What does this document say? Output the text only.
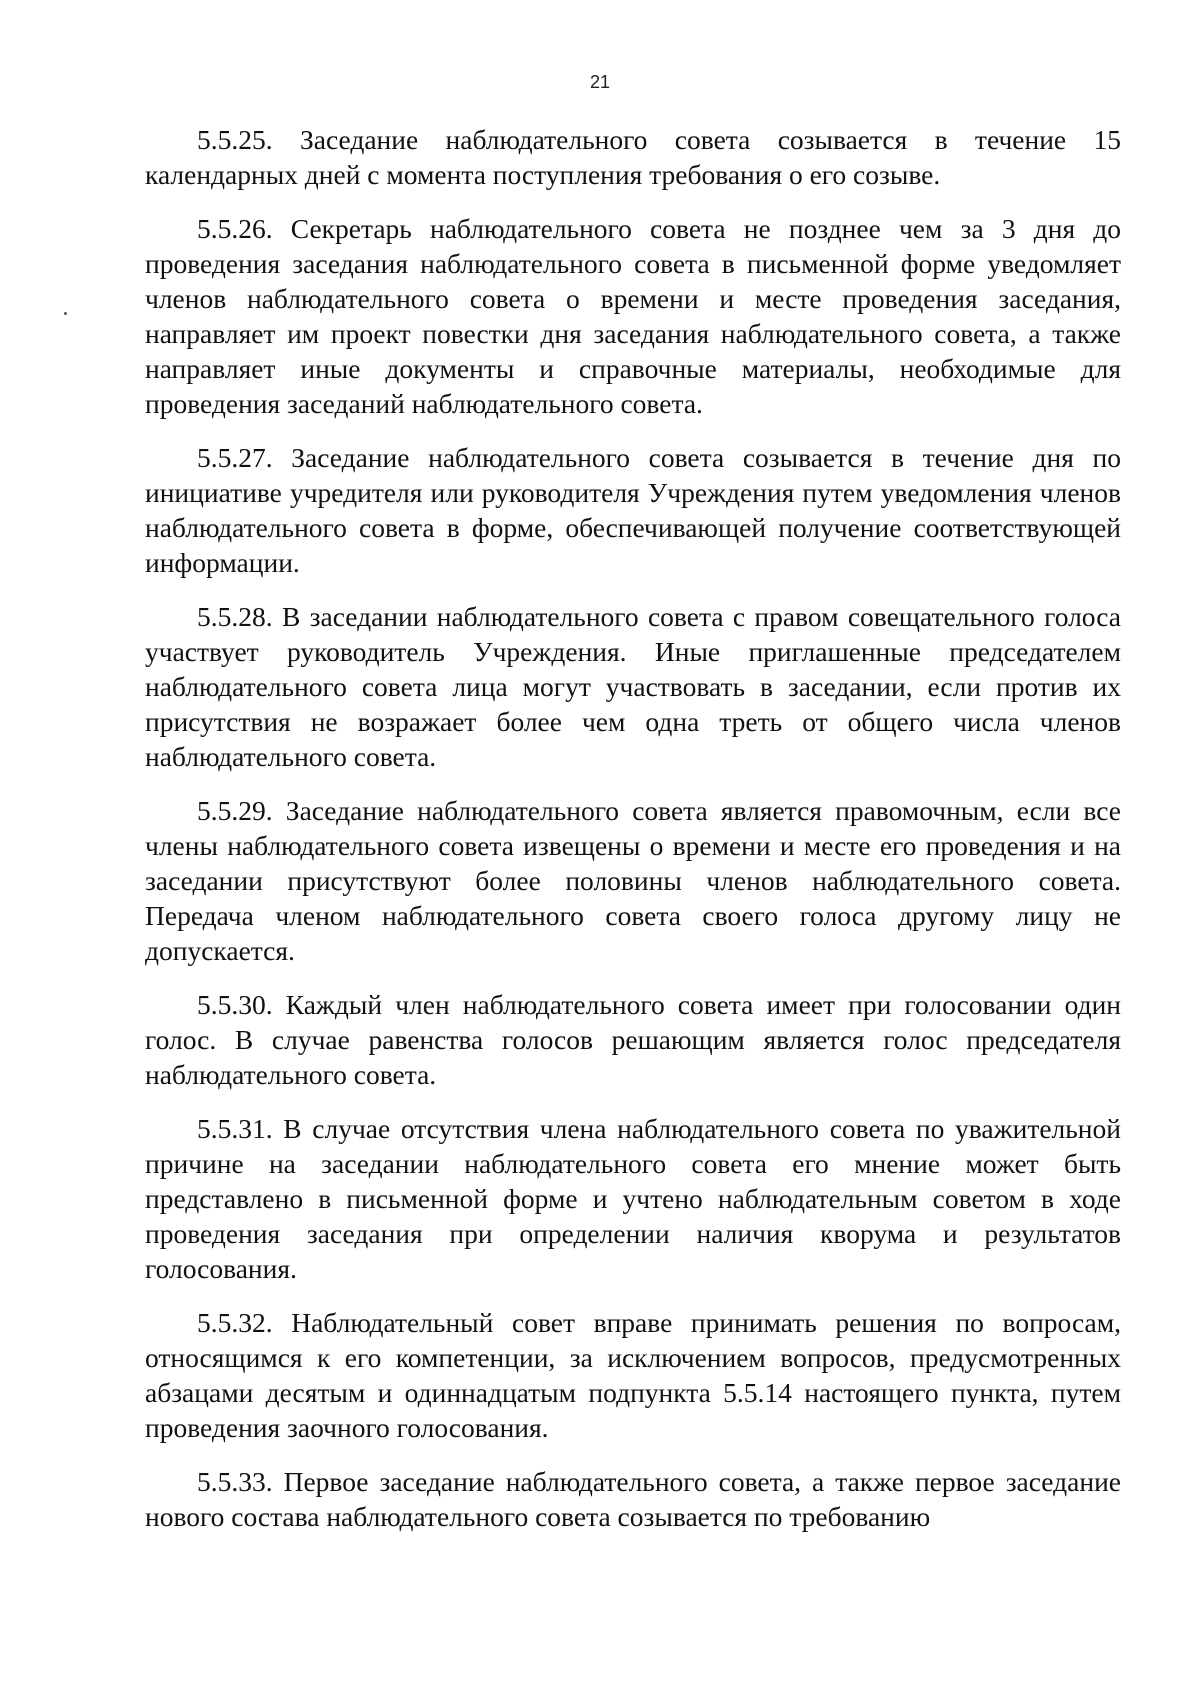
21

5.5.25. Заседание наблюдательного совета созывается в течение 15 календарных дней с момента поступления требования о его созыве.

5.5.26. Секретарь наблюдательного совета не позднее чем за 3 дня до проведения заседания наблюдательного совета в письменной форме уведомляет членов наблюдательного совета о времени и месте проведения заседания, направляет им проект повестки дня заседания наблюдательного совета, а также направляет иные документы и справочные материалы, необходимые для проведения заседаний наблюдательного совета.

5.5.27. Заседание наблюдательного совета созывается в течение дня по инициативе учредителя или руководителя Учреждения путем уведомления членов наблюдательного совета в форме, обеспечивающей получение соответствующей информации.

5.5.28. В заседании наблюдательного совета с правом совещательного голоса участвует руководитель Учреждения. Иные приглашенные председателем наблюдательного совета лица могут участвовать в заседании, если против их присутствия не возражает более чем одна треть от общего числа членов наблюдательного совета.

5.5.29. Заседание наблюдательного совета является правомочным, если все члены наблюдательного совета извещены о времени и месте его проведения и на заседании присутствуют более половины членов наблюдательного совета. Передача членом наблюдательного совета своего голоса другому лицу не допускается.

5.5.30. Каждый член наблюдательного совета имеет при голосовании один голос. В случае равенства голосов решающим является голос председателя наблюдательного совета.

5.5.31. В случае отсутствия члена наблюдательного совета по уважительной причине на заседании наблюдательного совета его мнение может быть представлено в письменной форме и учтено наблюдательным советом в ходе проведения заседания при определении наличия кворума и результатов голосования.

5.5.32. Наблюдательный совет вправе принимать решения по вопросам, относящимся к его компетенции, за исключением вопросов, предусмотренных абзацами десятым и одиннадцатым подпункта 5.5.14 настоящего пункта, путем проведения заочного голосования.

5.5.33. Первое заседание наблюдательного совета, а также первое заседание нового состава наблюдательного совета созывается по требованию
